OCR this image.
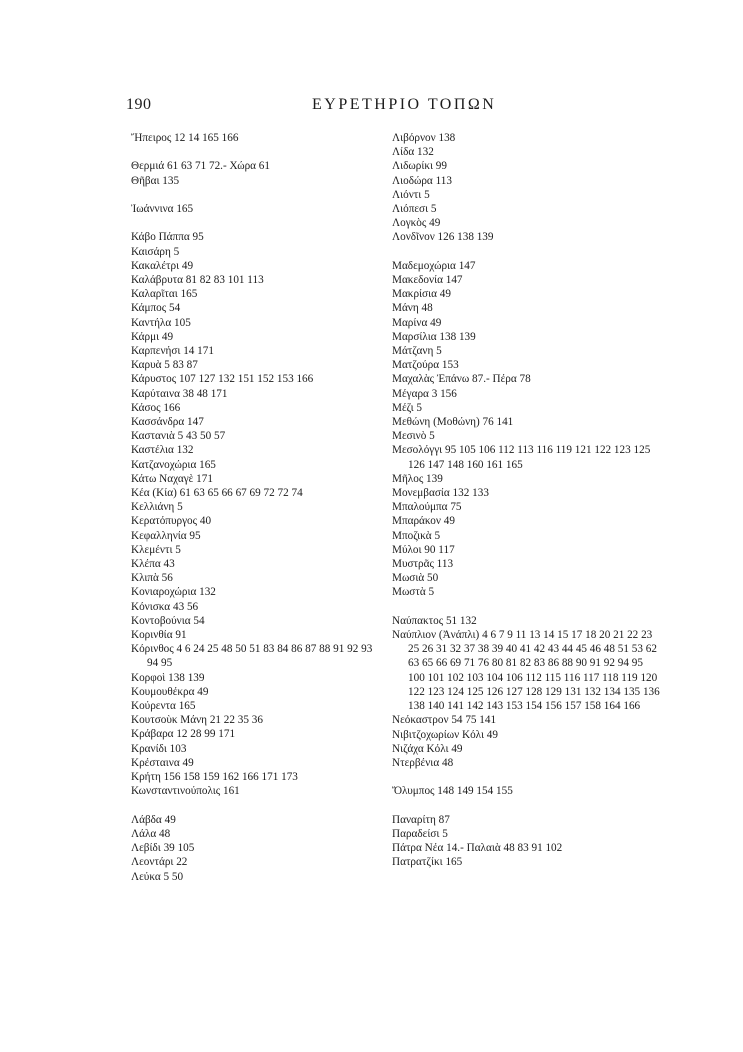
190	ΕΥΡΕΤΗΡΙΟ ΤΟΠΩΝ
Ἤπειρος 12 14 165 166
Θερμιά 61 63 71 72.- Χώρα 61
Θῆβαι 135
Ἰωάννινα 165
Κάβο Πάππα 95
Καισάρη 5
Κακαλέτρι 49
Καλάβρυτα 81 82 83 101 113
Καλαρῖται 165
Κάμπος 54
Καντήλα 105
Κάρμι 49
Καρπενήσι 14 171
Καρυὰ 5 83 87
Κάρυστος 107 127 132 151 152 153 166
Καρύταινα 38 48 171
Κάσος 166
Κασσάνδρα 147
Καστανιὰ 5 43 50 57
Καστέλια 132
Κατζανοχώρια 165
Κάτω Ναχαγὲ 171
Κέα (Κία) 61 63 65 66 67 69 72 72 74
Κελλιάνη 5
Κερατόπυργος 40
Κεφαλληνία 95
Κλεμέντι 5
Κλέπα 43
Κλιπὰ 56
Κονιαροχώρια 132
Κόνισκα 43 56
Κοντοβούνια 54
Κορινθία 91
Κόρινθος 4 6 24 25 48 50 51 83 84 86 87 88 91 92 93 94 95
Κορφοὶ 138 139
Κουμουθέκρα 49
Κούρεντα 165
Κουτσοὺκ Μάνη 21 22 35 36
Κράβαρα 12 28 99 171
Κρανίδι 103
Κρέσταινα 49
Κρήτη 156 158 159 162 166 171 173
Κωνσταντινούπολις 161
Λάβδα 49
Λάλα 48
Λεβίδι 39 105
Λεοντάρι 22
Λεύκα 5 50
Λιβόρνον 138
Λίδα 132
Λιδωρίκι 99
Λιοδώρα 113
Λιόντι 5
Λιόπεσι 5
Λογκὸς 49
Λονδῖνον 126 138 139
Μαδεμοχώρια 147
Μακεδονία 147
Μακρίσια 49
Μάνη 48
Μαρίνα 49
Μαρσίλια 138 139
Μάτζανη 5
Ματζούρα 153
Μαχαλὰς Ἐπάνω 87.- Πέρα 78
Μέγαρα 3 156
Μέζι 5
Μεθώνη (Μοθώνη) 76 141
Μεσινὸ 5
Μεσολόγγι 95 105 106 112 113 116 119 121 122 123 125 126 147 148 160 161 165
Μῆλος 139
Μονεμβασία 132 133
Μπαλούμπα 75
Μπαράκον 49
Μποζικὰ 5
Μύλοι 90 117
Μυστρᾶς 113
Μωσιὰ 50
Μωστὰ 5
Ναύπακτος 51 132
Ναύπλιον (Ἀνάπλι) 4 6 7 9 11 13 14 15 17 18 20 21 22 23 25 26 31 32 37 38 39 40 41 42 43 44 45 46 48 51 53 62 63 65 66 69 71 76 80 81 82 83 86 88 90 91 92 94 95 100 101 102 103 104 106 112 115 116 117 118 119 120 122 123 124 125 126 127 128 129 131 132 134 135 136 138 140 141 142 143 153 154 156 157 158 164 166
Νεόκαστρον 54 75 141
Νιβιτζοχωρίων Κόλι 49
Νιζάχα Κόλι 49
Ντερβένια 48
Ὄλυμπος 148 149 154 155
Παναρίτη 87
Παραδείσι 5
Πάτρα Νέα 14.- Παλαιὰ 48 83 91 102
Πατρατζίκι 165
